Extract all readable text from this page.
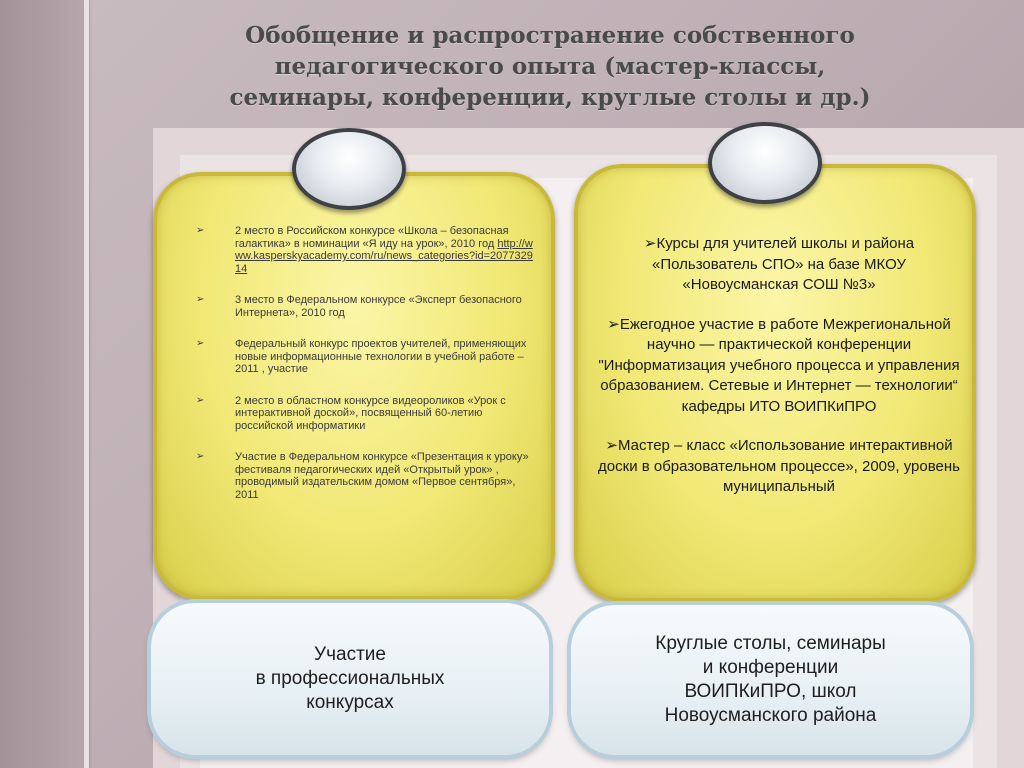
Обобщение и распространение собственного педагогического опыта (мастер-классы, семинары, конференции, круглые столы и др.)
➢	2 место в Российском конкурсе «Школа – безопасная галактика» в номинации «Я иду на урок», 2010 год http://www.kasperskyacademy.com/ru/news_categories?id=207732914
➢	3 место в Федеральном конкурсе «Эксперт безопасного Интернета», 2010 год
➢	Федеральный конкурс проектов учителей, применяющих новые информационные технологии в учебной работе – 2011 , участие
➢	2 место в областном конкурсе видеороликов «Урок с интерактивной доской», посвященный 60-летию российской информатики
➢	Участие в Федеральном конкурсе «Презентация к уроку» фестиваля педагогических идей «Открытый урок» , проводимый издательским домом «Первое сентября», 2011

➢Курсы для учителей школы и района «Пользователь СПО» на базе МКОУ «Новоусманская СОШ №3»

➢Ежегодное участие в работе Межрегиональной научно — практической конференции "Информатизация учебного процесса и управления образованием. Сетевые и Интернет — технологии“ кафедры ИТО ВОИПКиПРО

➢Мастер – класс «Использование интерактивной доски в образовательном процессе», 2009, уровень муниципальный

Участие
в профессиональных
конкурсах
Круглые столы, семинары
и конференции
ВОИПКиПРО, школ
Новоусманского района
